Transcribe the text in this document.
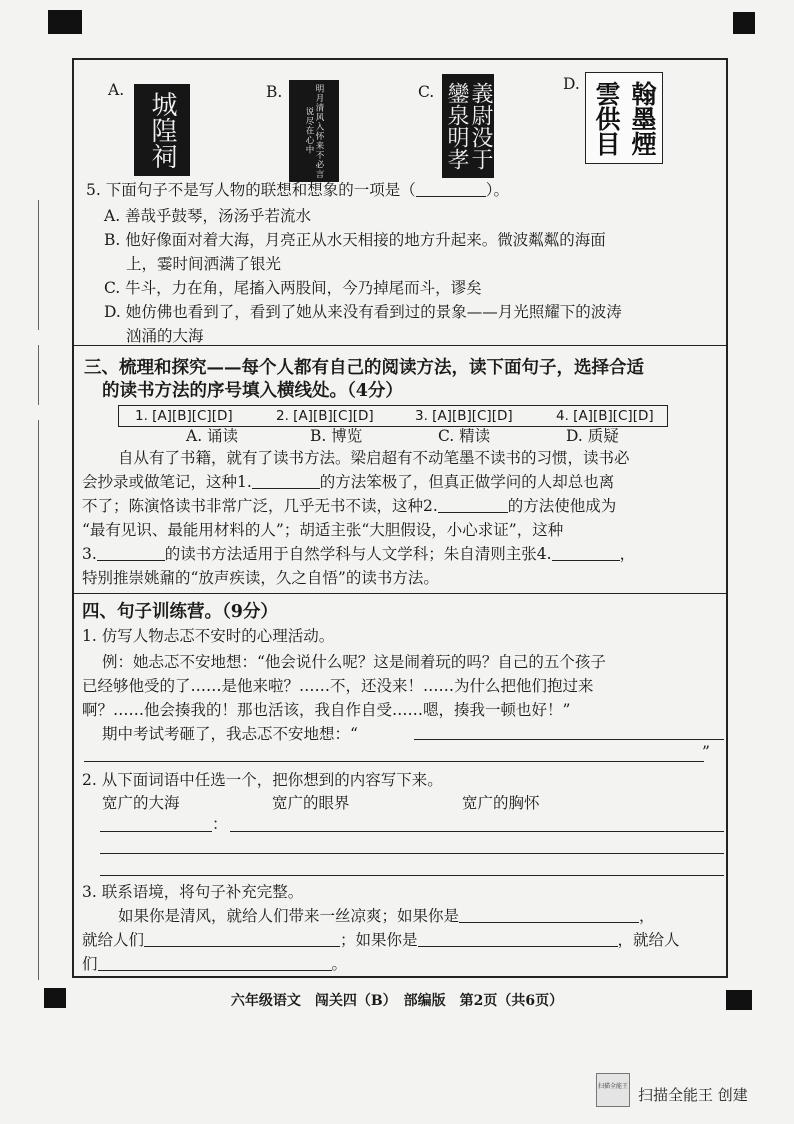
A.
城隍祠	B.	明月清风入怀来不必言说尽在心中
C.	義尉没于鑾泉明孝	D.	翰墨煙雲供目
5. 下面句子不是写人物的联想和想象的一项是（	）。
A. 善哉乎鼓琴，汤汤乎若流水
B. 他好像面对着大海，月亮正从水天相接的地方升起来。微波粼粼的海面
上，霎时间洒满了银光
C. 牛斗，力在角，尾搐入两股间，今乃掉尾而斗，谬矣
D. 她仿佛也看到了，看到了她从来没有看到过的景象——月光照耀下的波涛
汹涌的大海
三、梳理和探究——每个人都有自己的阅读方法，读下面句子，选择合适
的读书方法的序号填入横线处。（4分）
1. [A][B][C][D]	2. [A][B][C][D]	3. [A][B][C][D]	4. [A][B][C][D]
A. 诵读	B. 博览	C. 精读	D. 质疑
自从有了书籍，就有了读书方法。梁启超有不动笔墨不读书的习惯，读书必
会抄录或做笔记，这种1.	的方法笨极了，但真正做学问的人却总也离
不了；陈演恪读书非常广泛，几乎无书不读，这种2.	的方法使他成为
“最有见识、最能用材料的人”；胡适主张“大胆假设，小心求证”，这种
3.	的读书方法适用于自然学科与人文学科；朱自清则主张4.	，
特别推崇姚鼐的“放声疾读，久之自悟”的读书方法。
四、句子训练营。（9分）
1. 仿写人物忐忑不安时的心理活动。
例：她忐忑不安地想：“他会说什么呢？这是闹着玩的吗？自己的五个孩子
已经够他受的了……是他来啦？……不，还没来！……为什么把他们抱过来
啊？……他会揍我的！那也活该，我自作自受……嗯，揍我一顿也好！”
期中考试考砸了，我忐忑不安地想：“
”
2. 从下面词语中任选一个，把你想到的内容写下来。
宽广的大海	宽广的眼界	宽广的胸怀
：
3. 联系语境，将句子补充完整。
如果你是清风，就给人们带来一丝凉爽；如果你是	，
就给人们	；如果你是	，就给人
们	。
六年级语文　闯关四（B）　部编版　第2页（共6页）
扫描全能王 扫描全能王 创建
